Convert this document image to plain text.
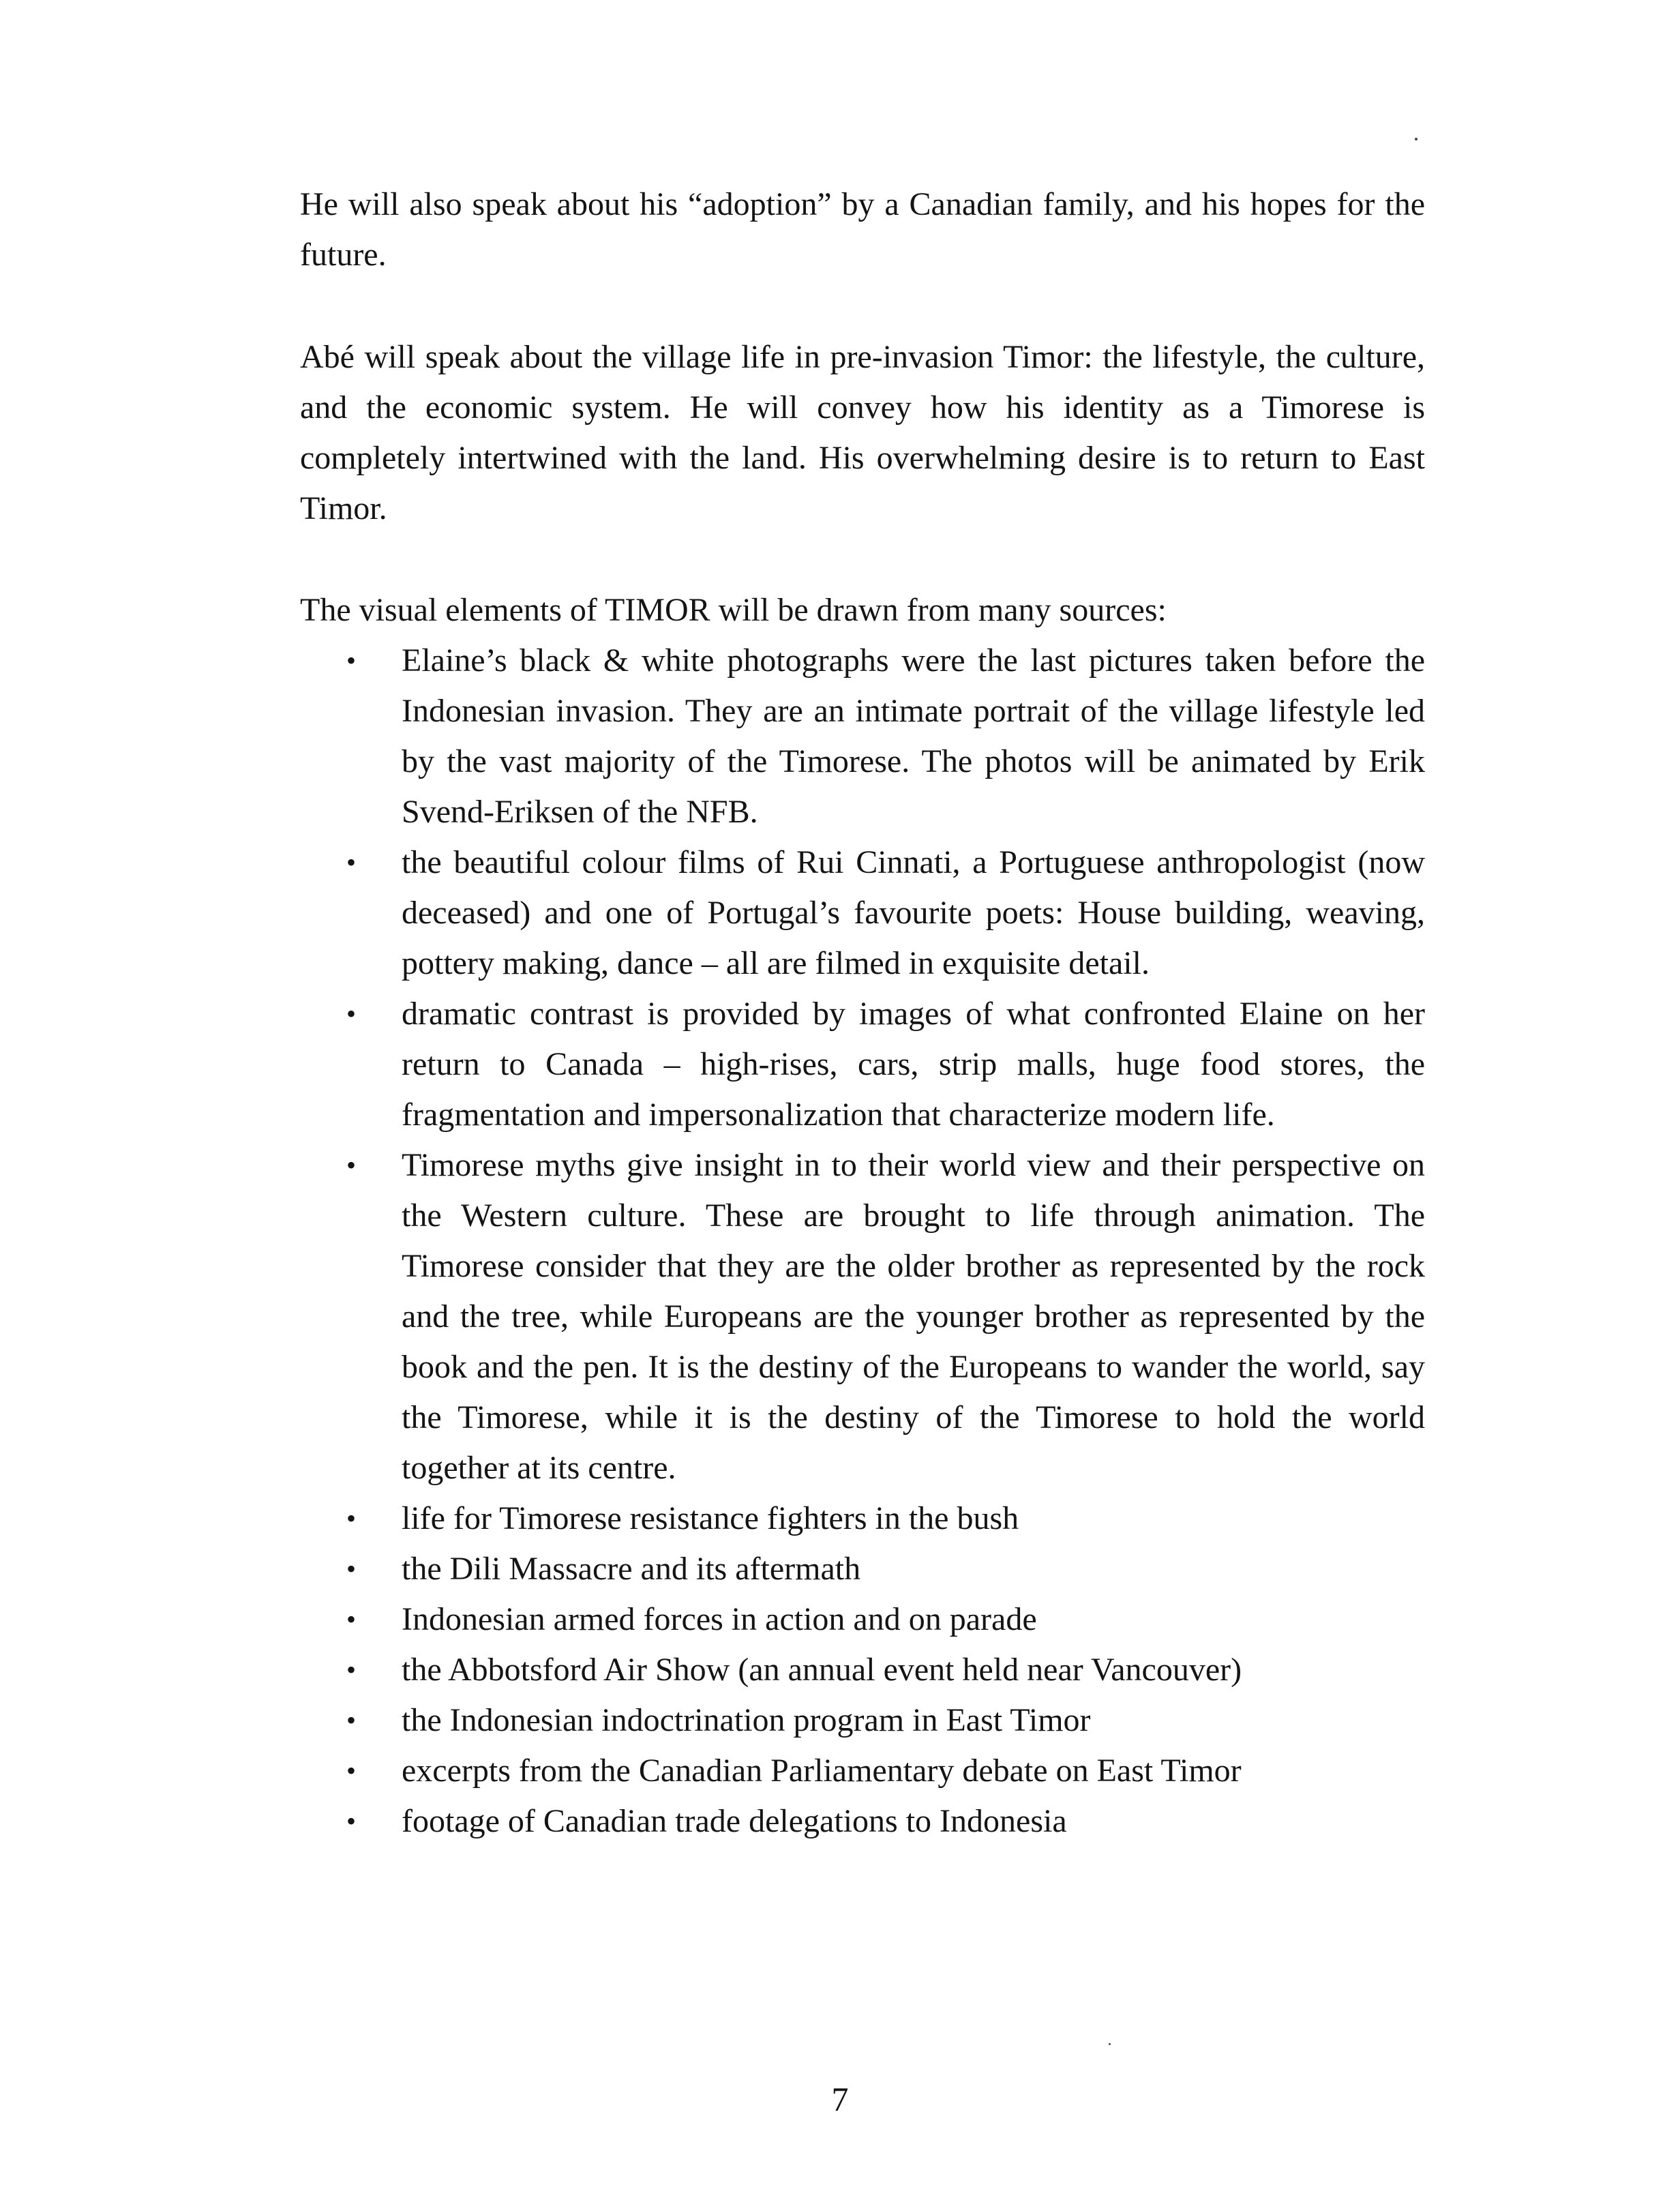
He will also speak about his “adoption” by a Canadian family, and his hopes for the future.

Abé will speak about the village life in pre-invasion Timor: the lifestyle, the culture, and the economic system. He will convey how his identity as a Timorese is completely intertwined with the land. His overwhelming desire is to return to East Timor.

The visual elements of TIMOR will be drawn from many sources:

• Elaine’s black & white photographs were the last pictures taken before the Indonesian invasion. They are an intimate portrait of the village lifestyle led by the vast majority of the Timorese. The photos will be animated by Erik Svend-Eriksen of the NFB.
• the beautiful colour films of Rui Cinnati, a Portuguese anthropologist (now deceased) and one of Portugal’s favourite poets: House building, weaving, pottery making, dance – all are filmed in exquisite detail.
• dramatic contrast is provided by images of what confronted Elaine on her return to Canada – high-rises, cars, strip malls, huge food stores, the fragmentation and impersonalization that characterize modern life.
• Timorese myths give insight in to their world view and their perspective on the Western culture. These are brought to life through animation. The Timorese consider that they are the older brother as represented by the rock and the tree, while Europeans are the younger brother as represented by the book and the pen. It is the destiny of the Europeans to wander the world, say the Timorese, while it is the destiny of the Timorese to hold the world together at its centre.
• life for Timorese resistance fighters in the bush
• the Dili Massacre and its aftermath
• Indonesian armed forces in action and on parade
• the Abbotsford Air Show (an annual event held near Vancouver)
• the Indonesian indoctrination program in East Timor
• excerpts from the Canadian Parliamentary debate on East Timor
• footage of Canadian trade delegations to Indonesia

7
